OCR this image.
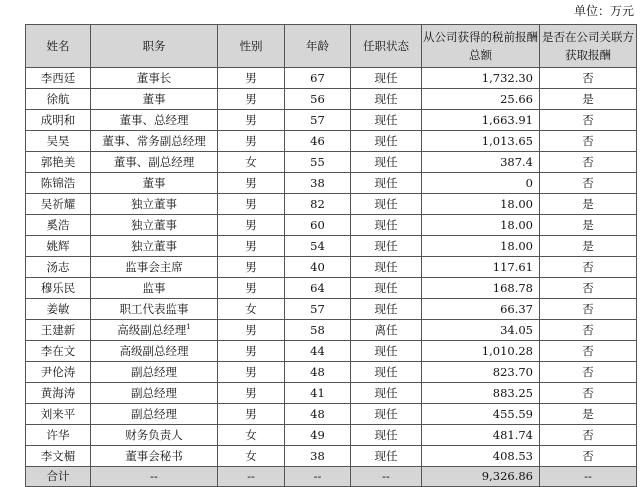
单位：万元
姓名	职务	性别	年龄	任职状态	从公司获得的税前报酬总额	是否在公司关联方获取报酬
李西廷	董事长	男	67	现任	1,732.30	否
徐航	董事	男	56	现任	25.66	是
成明和	董事、总经理	男	57	现任	1,663.91	否
吴昊	董事、常务副总经理	男	46	现任	1,013.65	否
郭艳美	董事、副总经理	女	55	现任	387.4	否
陈锦浩	董事	男	38	现任	0	否
吴祈耀	独立董事	男	82	现任	18.00	是
奚浩	独立董事	男	60	现任	18.00	是
姚辉	独立董事	男	54	现任	18.00	是
汤志	监事会主席	男	40	现任	117.61	否
穆乐民	监事	男	64	现任	168.78	否
姜敏	职工代表监事	女	57	现任	66.37	否
王建新	高级副总经理$^1$	男	58	离任	34.05	否
李在文	高级副总经理	男	44	现任	1,010.28	否
尹伦涛	副总经理	男	48	现任	823.70	否
黄海涛	副总经理	男	41	现任	883.25	否
刘来平	副总经理	男	48	现任	455.59	是
许华	财务负责人	女	49	现任	481.74	否
李文楣	董事会秘书	女	38	现任	408.53	否
合计	--	--	--	--	9,326.86	--
